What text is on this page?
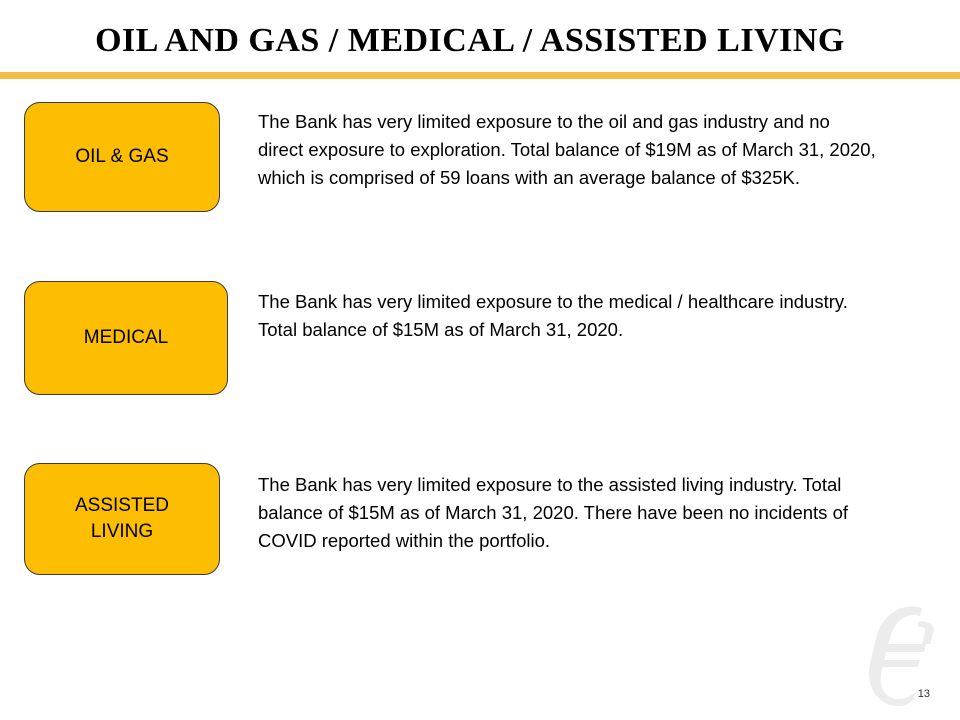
OIL AND GAS / MEDICAL / ASSISTED LIVING
OIL & GAS
The Bank has very limited exposure to the oil and gas industry and no direct exposure to exploration. Total balance of $19M as of March 31, 2020, which is comprised of 59 loans with an average balance of $325K.
MEDICAL
The Bank has very limited exposure to the medical / healthcare industry. Total balance of $15M as of March 31, 2020.
ASSISTED LIVING
The Bank has very limited exposure to the assisted living industry. Total balance of $15M as of March 31, 2020. There have been no incidents of COVID reported within the portfolio.
13
